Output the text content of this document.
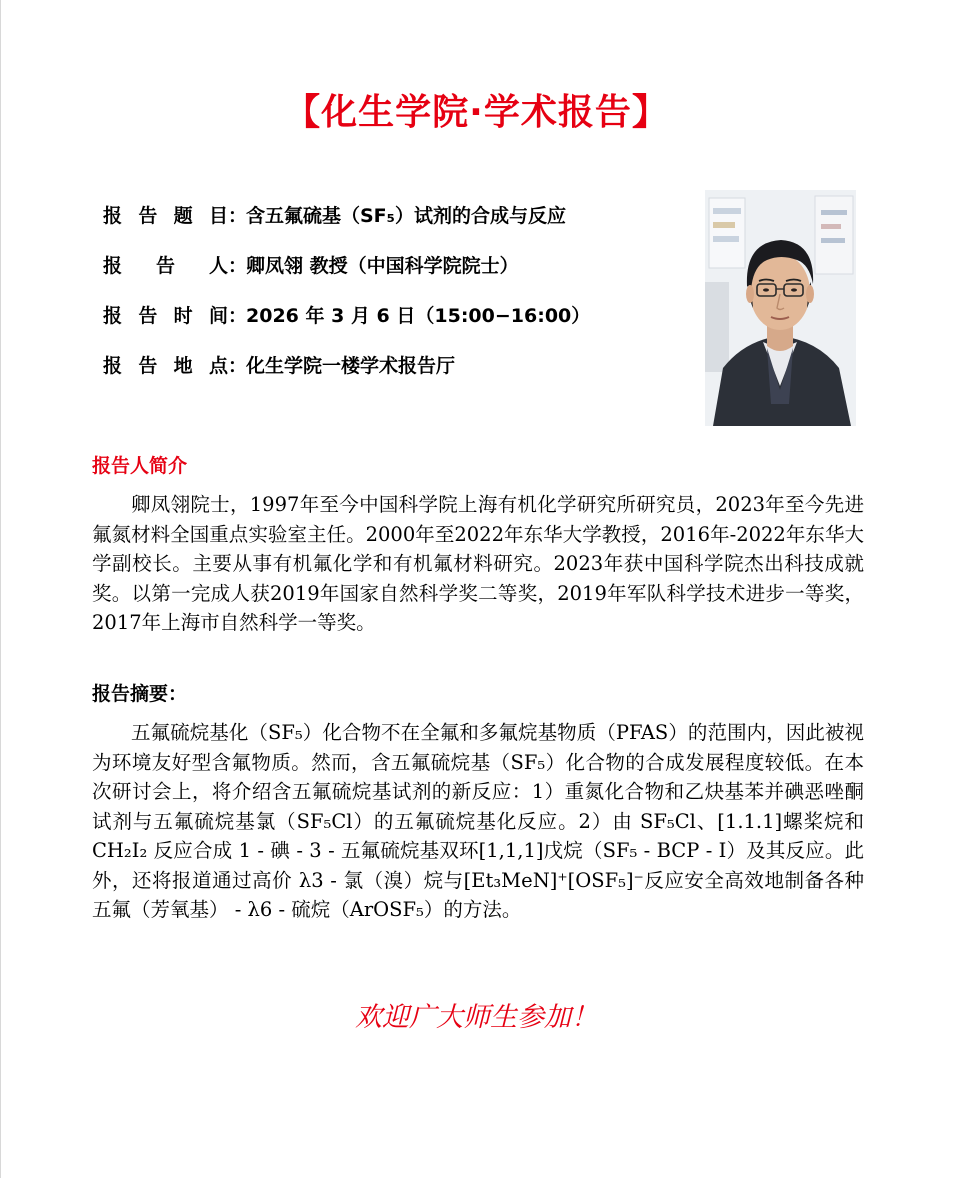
【化生学院·学术报告】
报告题目 ：
含五氟硫基（SF₅）试剂的合成与反应
报告人 ：
卿凤翎 教授（中国科学院院士）
报告时间 ：
2026 年 3 月 6 日（15:00−16:00）
报告地点 ：
化生学院一楼学术报告厅
报告人简介

卿凤翎院士，1997年至今中国科学院上海有机化学研究所研究员，2023年至今先进氟氮材料全国重点实验室主任。2000年至2022年东华大学教授，2016年-2022年东华大学副校长。主要从事有机氟化学和有机氟材料研究。2023年获中国科学院杰出科技成就奖。以第一完成人获2019年国家自然科学奖二等奖，2019年军队科学技术进步一等奖，2017年上海市自然科学一等奖。

报告摘要：

五氟硫烷基化（SF₅）化合物不在全氟和多氟烷基物质（PFAS）的范围内，因此被视为环境友好型含氟物质。然而，含五氟硫烷基（SF₅）化合物的合成发展程度较低。在本次研讨会上，将介绍含五氟硫烷基试剂的新反应：1）重氮化合物和乙炔基苯并碘恶唑酮试剂与五氟硫烷基氯（SF₅Cl）的五氟硫烷基化反应。2）由 SF₅Cl、[1.1.1]螺桨烷和 CH₂I₂ 反应合成 1 - 碘 - 3 - 五氟硫烷基双环[1,1,1]戊烷（SF₅ - BCP - I）及其反应。此外，还将报道通过高价 λ3 - 氯（溴）烷与[Et₃MeN]⁺[OSF₅]⁻反应安全高效地制备各种五氟（芳氧基） - λ6 - 硫烷（ArOSF₅）的方法。

欢迎广大师生参加！
